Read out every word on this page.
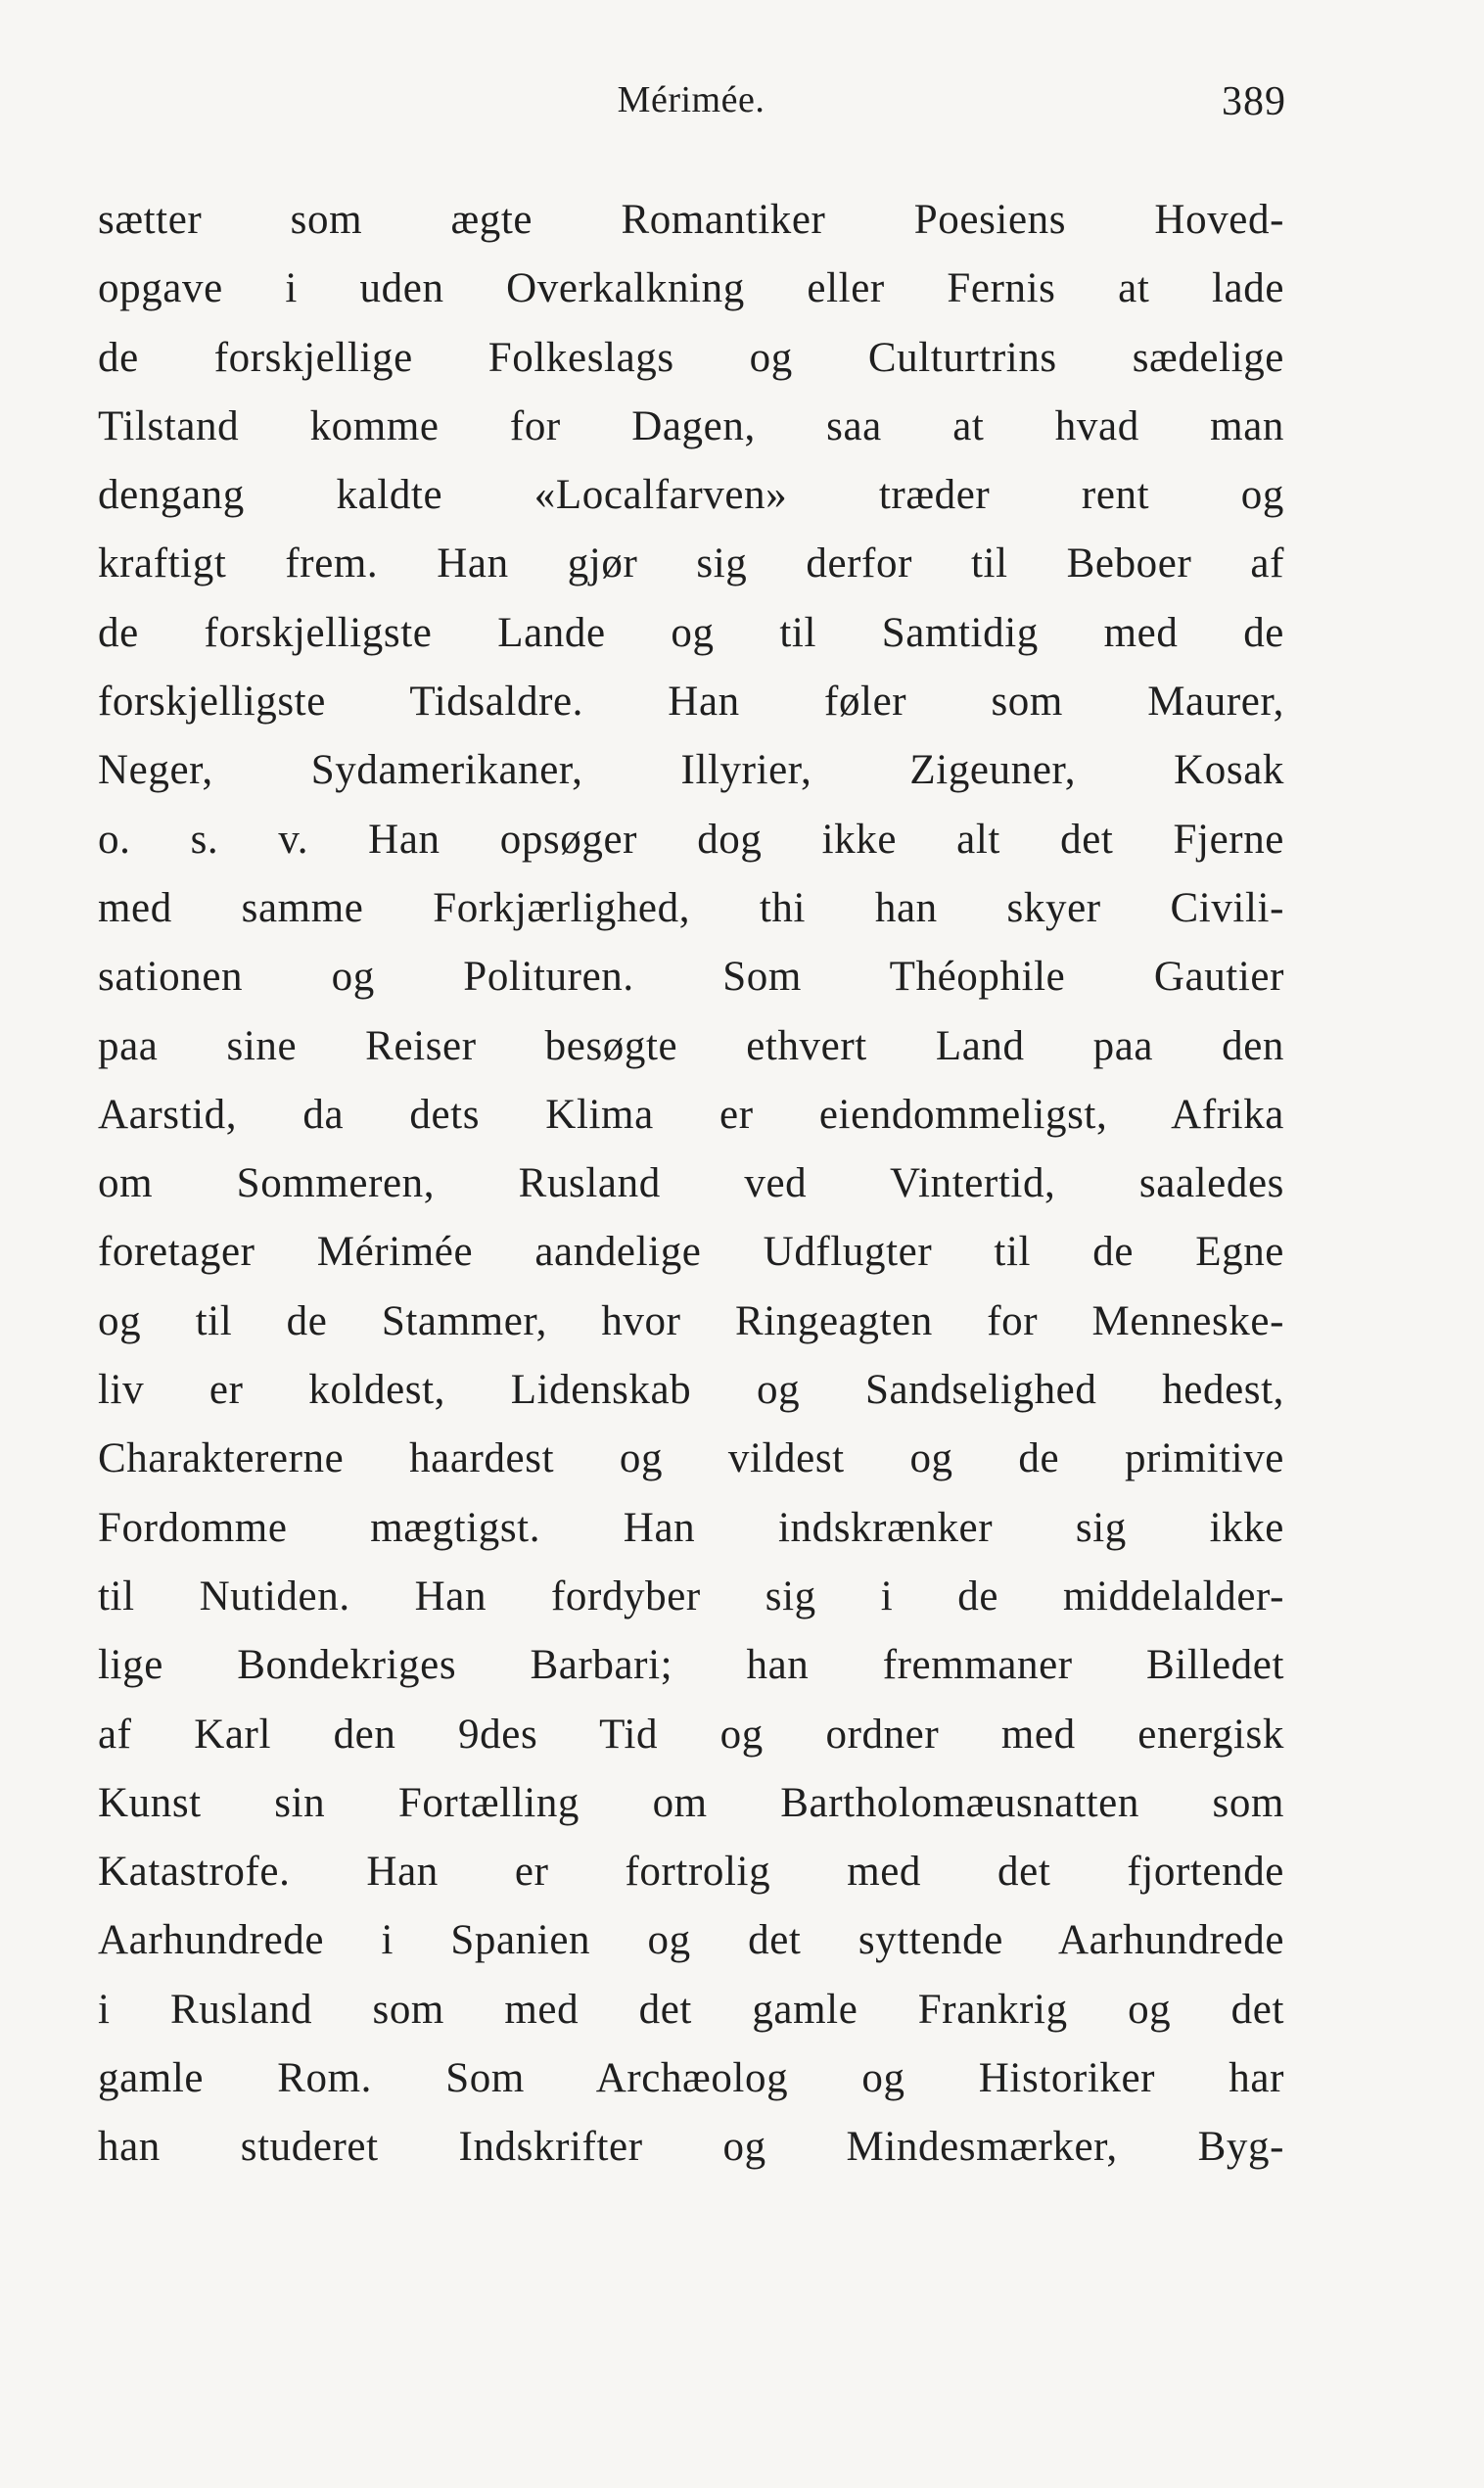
Mérimée.	389
sætter som ægte Romantiker Poesiens Hoved-
opgave i uden Overkalkning eller Fernis at lade
de forskjellige Folkeslags og Culturtrins sædelige
Tilstand komme for Dagen, saa at hvad man
dengang kaldte «Localfarven» træder rent og
kraftigt frem. Han gjør sig derfor til Beboer af
de forskjelligste Lande og til Samtidig med de
forskjelligste Tidsaldre. Han føler som Maurer,
Neger, Sydamerikaner, Illyrier, Zigeuner, Kosak
o. s. v. Han opsøger dog ikke alt det Fjerne
med samme Forkjærlighed, thi han skyer Civili-
sationen og Polituren. Som Théophile Gautier
paa sine Reiser besøgte ethvert Land paa den
Aarstid, da dets Klima er eiendommeligst, Afrika
om Sommeren, Rusland ved Vintertid, saaledes
foretager Mérimée aandelige Udflugter til de Egne
og til de Stammer, hvor Ringeagten for Menneske-
liv er koldest, Lidenskab og Sandselighed hedest,
Charaktererne haardest og vildest og de primitive
Fordomme mægtigst. Han indskrænker sig ikke
til Nutiden. Han fordyber sig i de middelalder-
lige Bondekriges Barbari; han fremmaner Billedet
af Karl den 9des Tid og ordner med energisk
Kunst sin Fortælling om Bartholomæusnatten som
Katastrofe. Han er fortrolig med det fjortende
Aarhundrede i Spanien og det syttende Aarhundrede
i Rusland som med det gamle Frankrig og det
gamle Rom. Som Archæolog og Historiker har
han studeret Indskrifter og Mindesmærker, Byg-
